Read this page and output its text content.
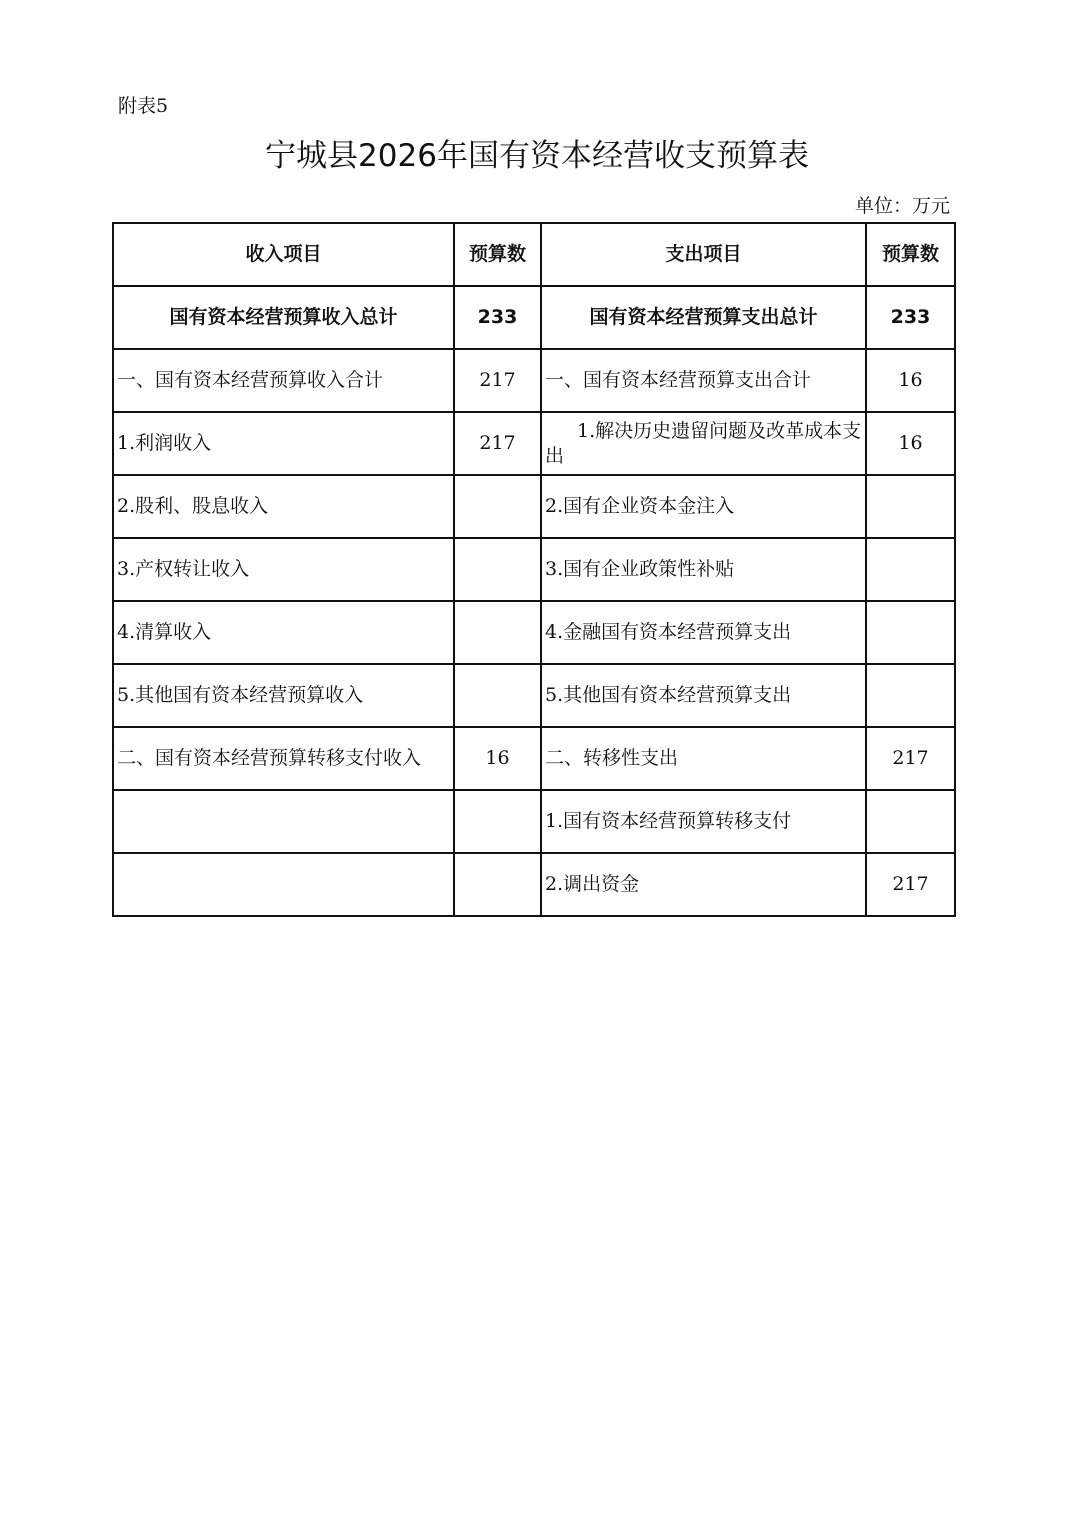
附表5
宁城县2026年国有资本经营收支预算表
单位：万元
收入项目	预算数	支出项目	预算数
国有资本经营预算收入总计	233	国有资本经营预算支出总计	233
一、国有资本经营预算收入合计	217	一、国有资本经营预算支出合计	16
1.利润收入	217	1.解决历史遗留问题及改革成本支出	16
2.股利、股息收入		2.国有企业资本金注入	
3.产权转让收入		3.国有企业政策性补贴	
4.清算收入		4.金融国有资本经营预算支出	
5.其他国有资本经营预算收入		5.其他国有资本经营预算支出	
二、国有资本经营预算转移支付收入	16	二、转移性支出	217
		1.国有资本经营预算转移支付	
		2.调出资金	217
